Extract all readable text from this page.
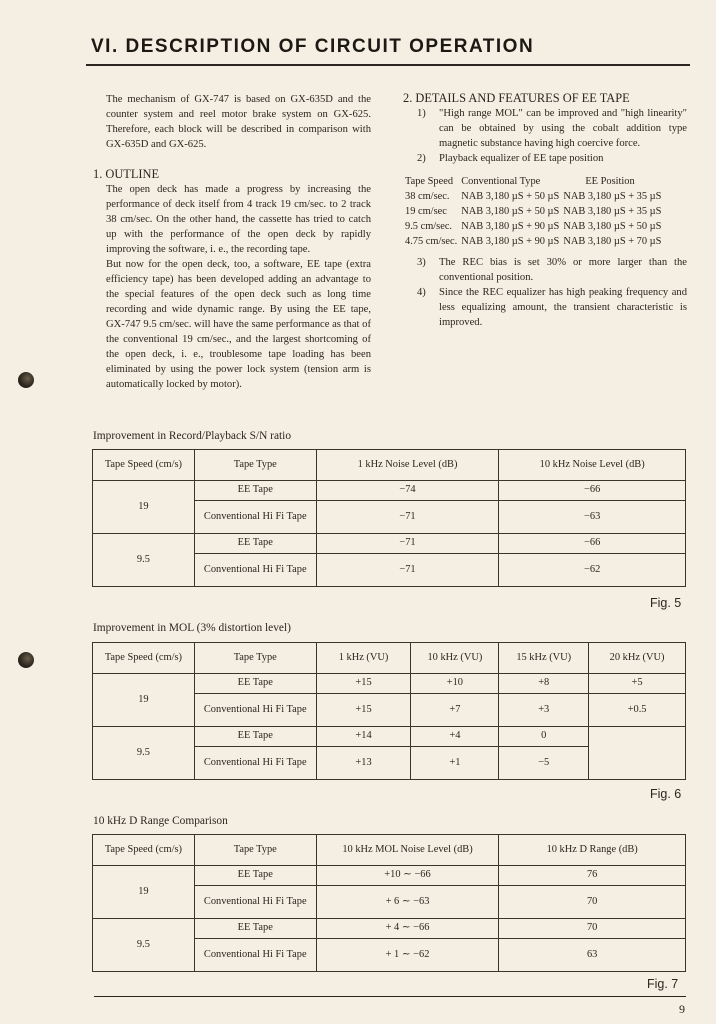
VI. DESCRIPTION OF CIRCUIT OPERATION

The mechanism of GX-747 is based on GX-635D and the counter system and reel motor brake system on GX-625. Therefore, each block will be described in comparison with GX-635D and GX-625.

1. OUTLINE

The open deck has made a progress by increasing the performance of deck itself from 4 track 19 cm/sec. to 2 track 38 cm/sec. On the other hand, the cassette has tried to catch up with the performance of the open deck by rapidly improving the software, i. e., the recording tape.

But now for the open deck, too, a software, EE tape (extra efficiency tape) has been developed adding an advantage to the special features of the open deck such as long time recording and wide dynamic range. By using the EE tape, GX-747 9.5 cm/sec. will have the same performance as that of the conventional 19 cm/sec., and the largest shortcoming of the open deck, i. e., troublesome tape loading has been eliminated by using the power lock system (tension arm is automatically locked by motor).

2. DETAILS AND FEATURES OF EE TAPE
1) "High range MOL" can be improved and "high linearity" can be obtained by using the cobalt addition type magnetic substance having high coercive force.
2) Playback equalizer of EE tape position
Tape Speed	Conventional Type	EE Position
38 cm/sec.	NAB 3,180 µS + 50 µS	NAB 3,180 µS + 35 µS
19 cm/sec	NAB 3,180 µS + 50 µS	NAB 3,180 µS + 35 µS
9.5 cm/sec.	NAB 3,180 µS + 90 µS	NAB 3,180 µS + 50 µS
4.75 cm/sec.	NAB 3,180 µS + 90 µS	NAB 3,180 µS + 70 µS
3) The REC bias is set 30% or more larger than the conventional position.
4) Since the REC equalizer has high peaking frequency and less equalizing amount, the transient characteristic is improved.
Improvement in Record/Playback S/N ratio
Tape Speed (cm/s)	Tape Type	1 kHz Noise Level (dB)	10 kHz Noise Level (dB)
19	EE Tape	−74	−66
	Conventional Hi Fi Tape	−71	−63
9.5	EE Tape	−71	−66
	Conventional Hi Fi Tape	−71	−62
Fig. 5
Improvement in MOL (3% distortion level)
Tape Speed (cm/s)	Tape Type	1 kHz (VU)	10 kHz (VU)	15 kHz (VU)	20 kHz (VU)
19	EE Tape	+15	+10	+8	+5
	Conventional Hi Fi Tape	+15	+7	+3	+0.5
9.5	EE Tape	+14	+4	0	
	Conventional Hi Fi Tape	+13	+1	−5	
Fig. 6
10 kHz D Range Comparison
Tape Speed (cm/s)	Tape Type	10 kHz MOL Noise Level (dB)	10 kHz D Range (dB)
19	EE Tape	+10 ∼ −66	76
	Conventional Hi Fi Tape	+ 6 ∼ −63	70
9.5	EE Tape	+ 4 ∼ −66	70
	Conventional Hi Fi Tape	+ 1 ∼ −62	63
Fig. 7
9
